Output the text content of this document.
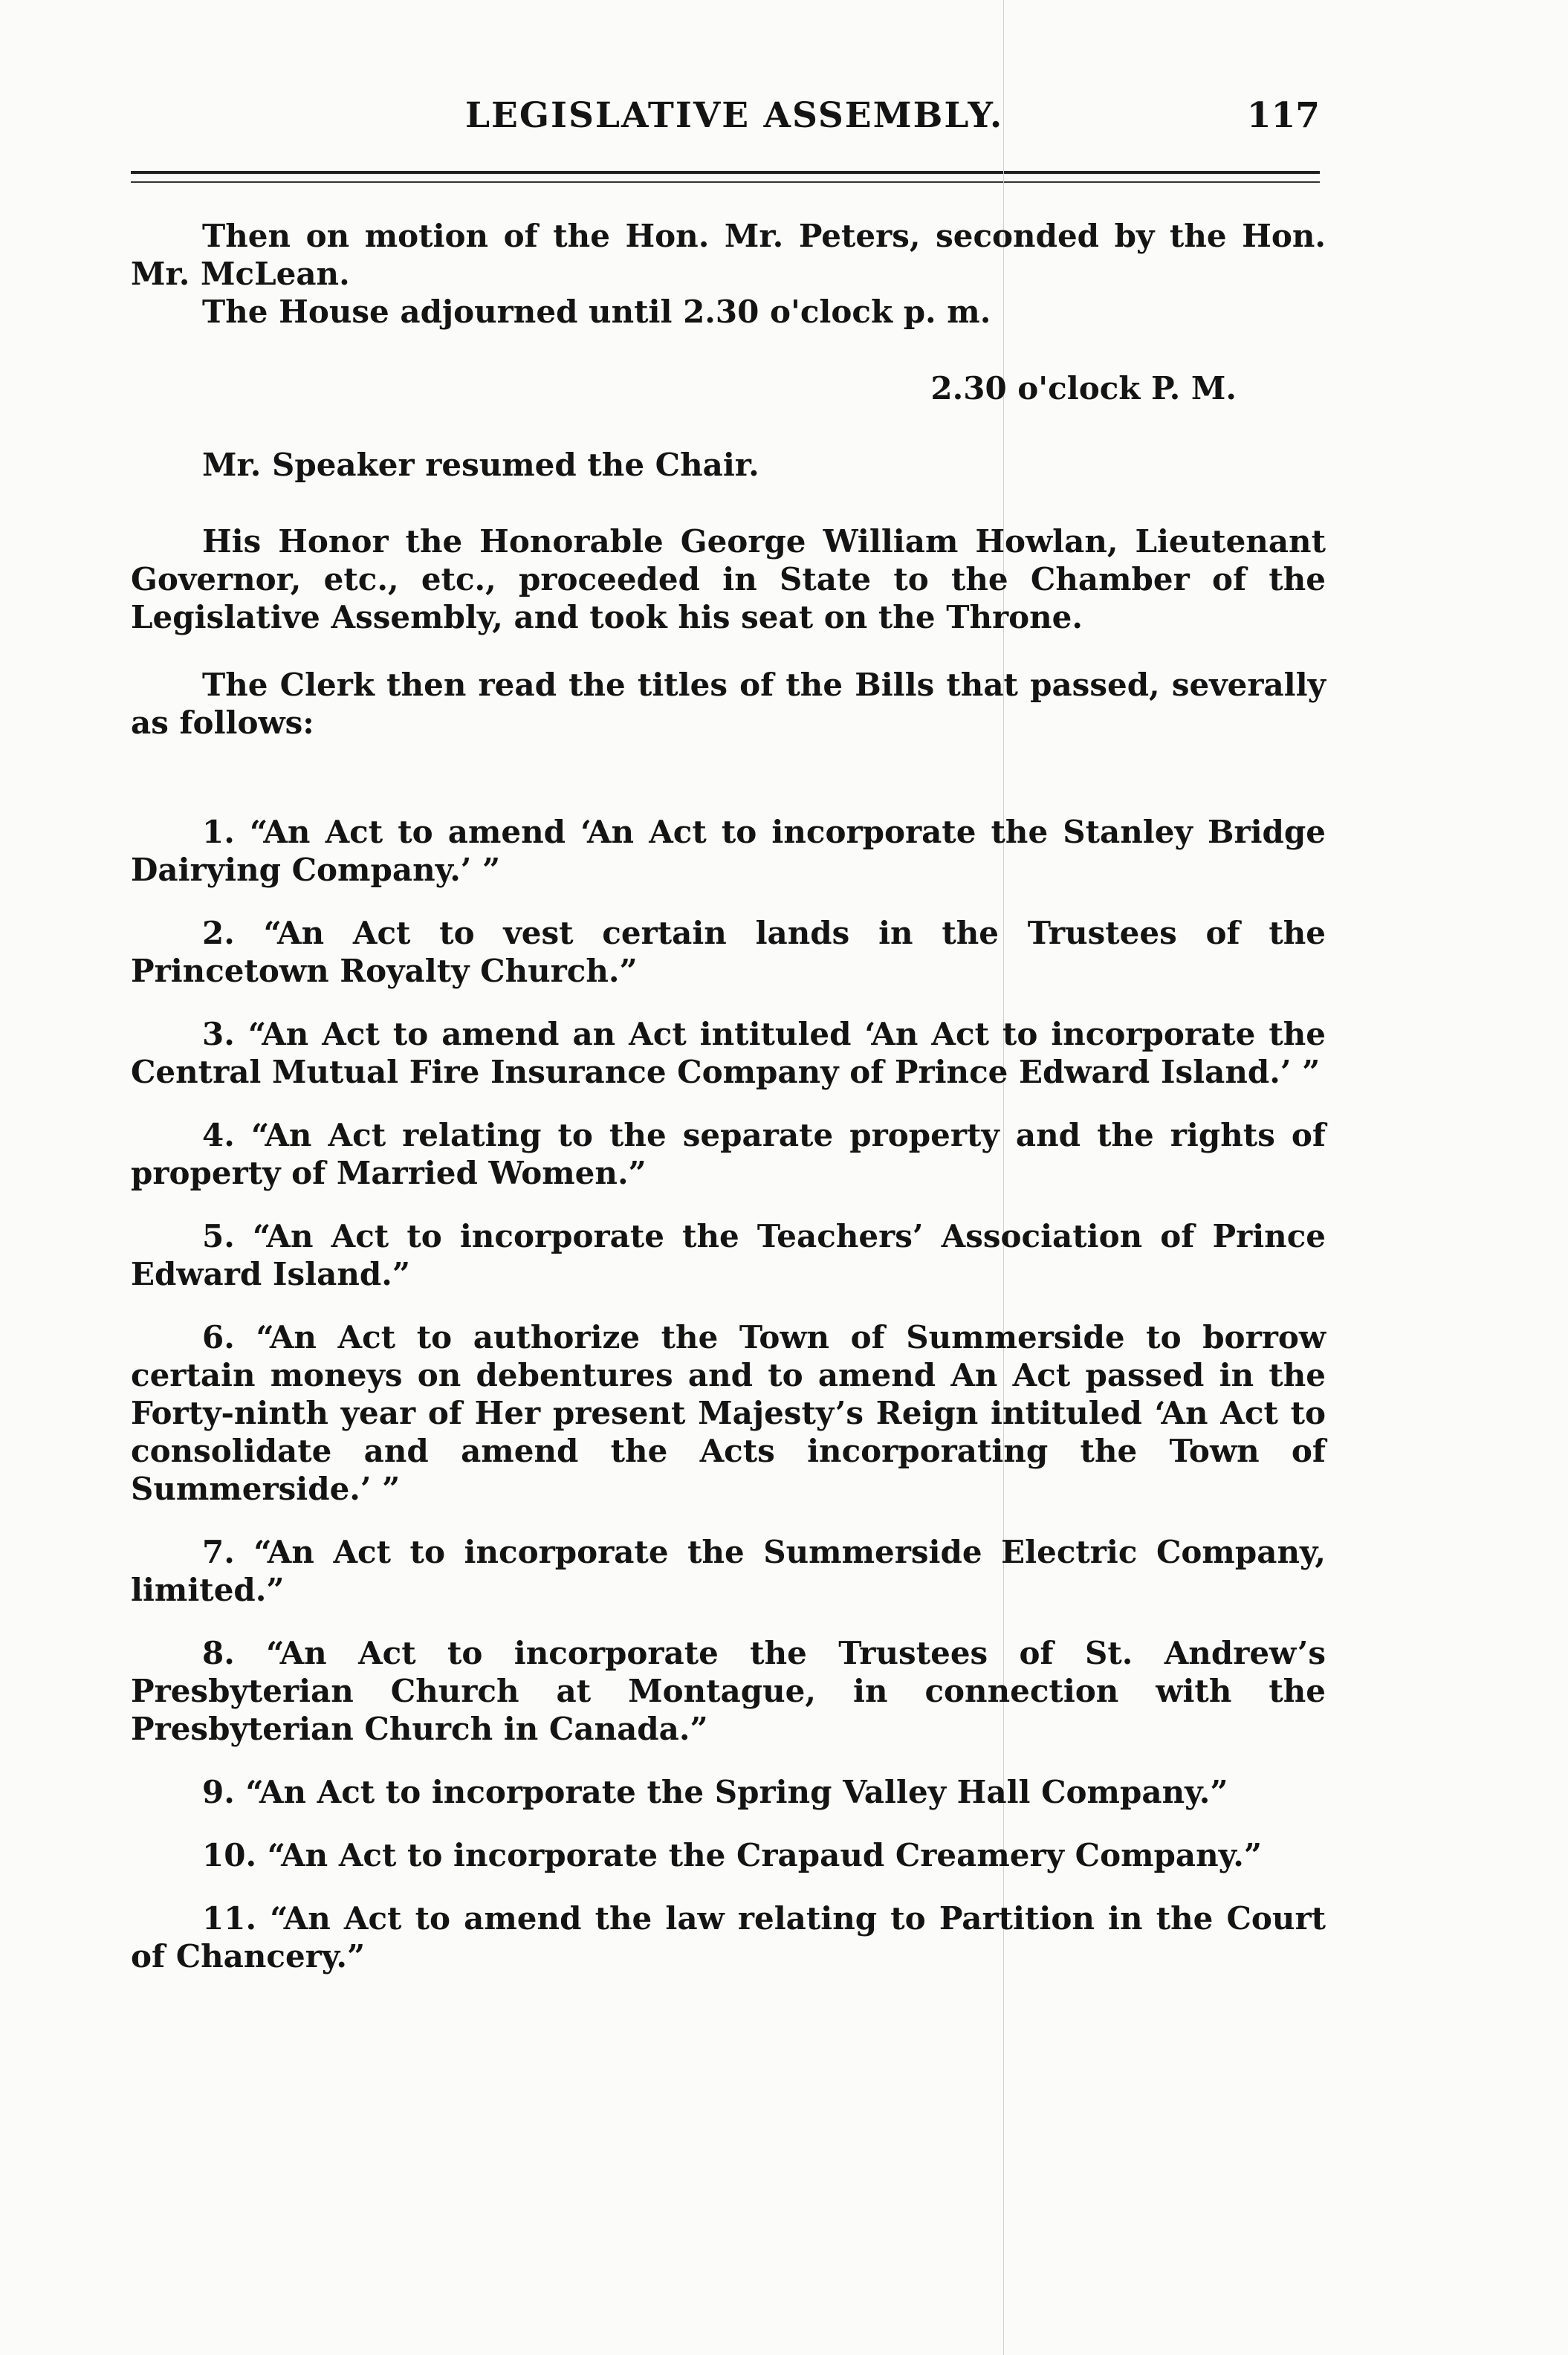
LEGISLATIVE ASSEMBLY.	117

Then on motion of the Hon. Mr. Peters, seconded by the Hon. Mr. McLean.

The House adjourned until 2.30 o'clock p. m.

2.30 o'clock P. M.

Mr. Speaker resumed the Chair.

His Honor the Honorable George William Howlan, Lieutenant Governor, etc., etc., proceeded in State to the Chamber of the Legislative Assembly, and took his seat on the Throne.

The Clerk then read the titles of the Bills that passed, severally as follows:

1. “An Act to amend ‘An Act to incorporate the Stanley Bridge Dairying Company.’ ”

2. “An Act to vest certain lands in the Trustees of the Princetown Royalty Church.”

3. “An Act to amend an Act intituled ‘An Act to incorporate the Central Mutual Fire Insurance Company of Prince Edward Island.’ ”

4. “An Act relating to the separate property and the rights of property of Married Women.”

5. “An Act to incorporate the Teachers’ Association of Prince Edward Island.”

6. “An Act to authorize the Town of Summerside to borrow certain moneys on debentures and to amend An Act passed in the Forty-ninth year of Her present Majesty’s Reign intituled ‘An Act to consolidate and amend the Acts incorporating the Town of Summerside.’ ”

7. “An Act to incorporate the Summerside Electric Company, limited.”

8. “An Act to incorporate the Trustees of St. Andrew’s Presbyterian Church at Montague, in connection with the Presbyterian Church in Canada.”

9. “An Act to incorporate the Spring Valley Hall Company.”

10. “An Act to incorporate the Crapaud Creamery Company.”

11. “An Act to amend the law relating to Partition in the Court of Chancery.”
